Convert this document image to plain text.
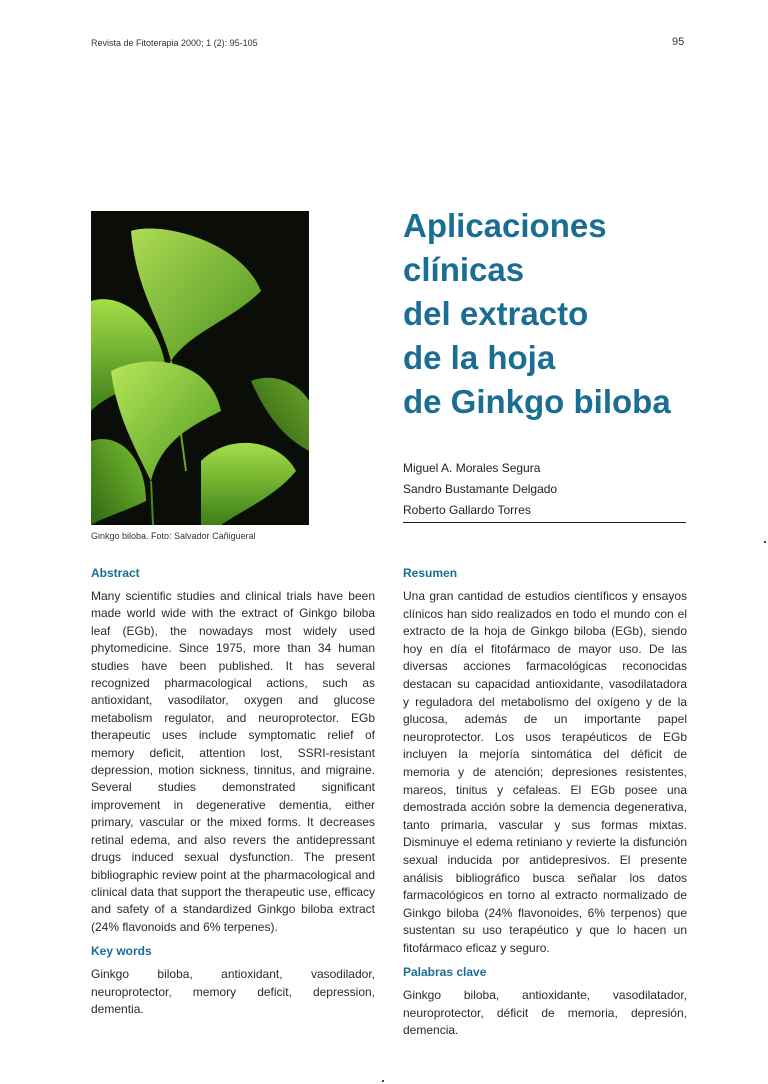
Revista de Fitoterapia 2000; 1 (2): 95-105	95
Ginkgo biloba. Foto: Salvador Cañigueral
Aplicaciones
clínicas
del extracto
de la hoja
de Ginkgo biloba
Miguel A. Morales Segura
Sandro Bustamante Delgado
Roberto Gallardo Torres
Abstract

Many scientific studies and clinical trials have been made world wide with the extract of Ginkgo biloba leaf (EGb), the nowadays most widely used phytomedicine. Since 1975, more than 34 human studies have been published. It has several recognized pharmacological actions, such as antioxidant, vasodilator, oxygen and glucose metabolism regulator, and neuroprotector. EGb therapeutic uses include symptomatic relief of memory deficit, attention lost, SSRI-resistant depression, motion sickness, tinnitus, and migraine. Several studies demonstrated significant improvement in degenerative dementia, either primary, vascular or the mixed forms. It decreases retinal edema, and also revers the antidepressant drugs induced sexual dysfunction. The present bibliographic review point at the pharmacological and clinical data that support the therapeutic use, efficacy and safety of a standardized Ginkgo biloba extract (24% flavonoids and 6% terpenes).

Key words

Ginkgo biloba, antioxidant, vasodilador, neuroprotector, memory deficit, depression, dementia.

Resumen

Una gran cantidad de estudios científicos y ensayos clínicos han sido realizados en todo el mundo con el extracto de la hoja de Ginkgo biloba (EGb), siendo hoy en día el fitofármaco de mayor uso. De las diversas acciones farmacológicas reconocidas destacan su capacidad antioxidante, vasodilatadora y reguladora del metabolismo del oxígeno y de la glucosa, además de un importante papel neuroprotector. Los usos terapéuticos de EGb incluyen la mejoría sintomática del déficit de memoria y de atención; depresiones resistentes, mareos, tinitus y cefaleas. El EGb posee una demostrada acción sobre la demencia degenerativa, tanto primaria, vascular y sus formas mixtas. Disminuye el edema retiniano y revierte la disfunción sexual inducida por antidepresivos. El presente análisis bibliográfico busca señalar los datos farmacológicos en torno al extracto normalizado de Ginkgo biloba (24% flavonoides, 6% terpenos) que sustentan su uso terapéutico y que lo hacen un fitofármaco eficaz y seguro.

Palabras clave

Ginkgo biloba, antioxidante, vasodilatador, neuroprotector, déficit de memoria, depresión, demencia.
